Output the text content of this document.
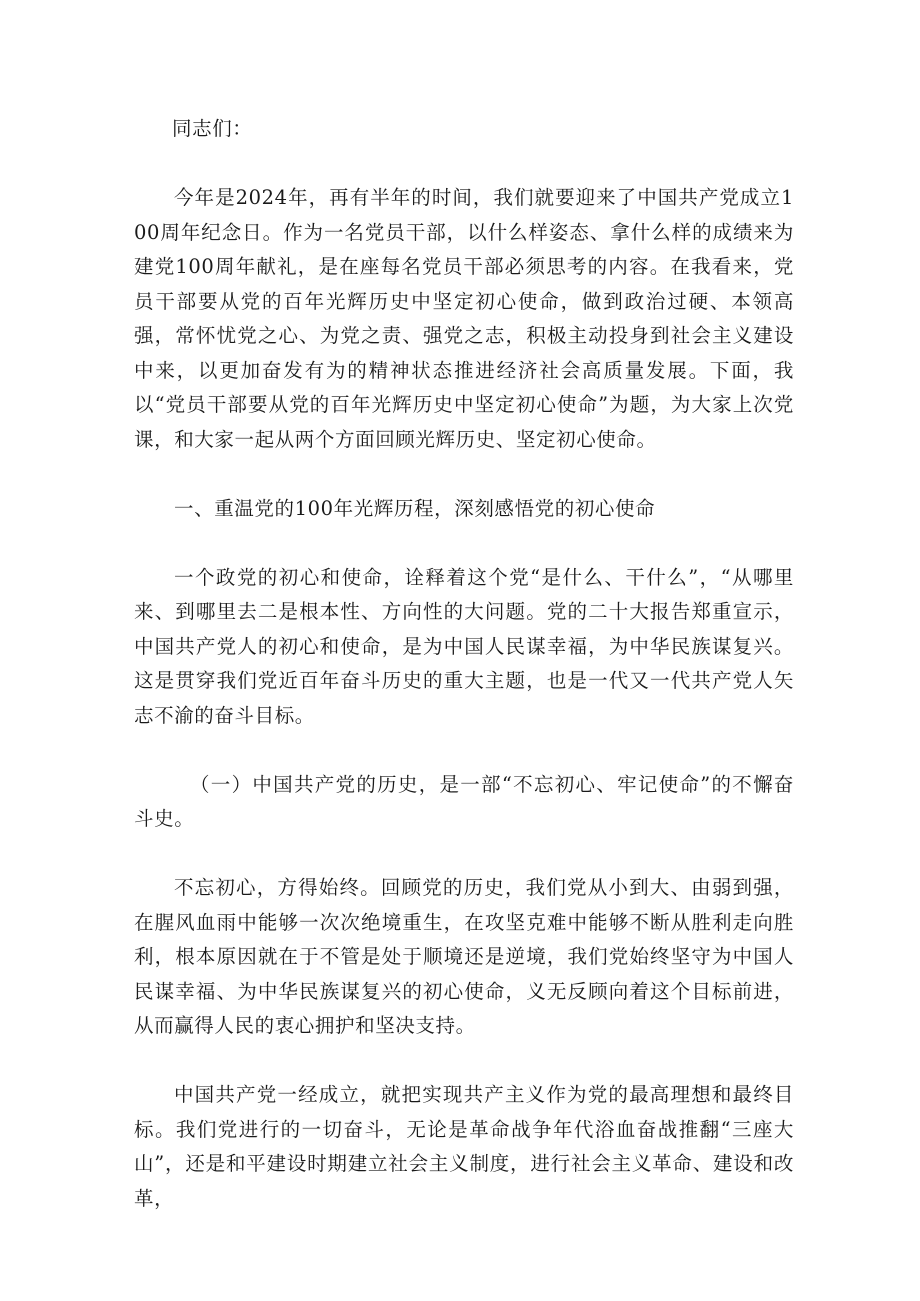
同志们：

今年是2024年，再有半年的时间，我们就要迎来了中国共产党成立100周年纪念日。作为一名党员干部，以什么样姿态、拿什么样的成绩来为建党100周年献礼，是在座每名党员干部必须思考的内容。在我看来，党员干部要从党的百年光辉历史中坚定初心使命，做到政治过硬、本领高强，常怀忧党之心、为党之责、强党之志，积极主动投身到社会主义建设中来，以更加奋发有为的精神状态推进经济社会高质量发展。下面，我以“党员干部要从党的百年光辉历史中坚定初心使命”为题，为大家上次党课，和大家一起从两个方面回顾光辉历史、坚定初心使命。

一、重温党的100年光辉历程，深刻感悟党的初心使命

一个政党的初心和使命，诠释着这个党“是什么、干什么”，“从哪里来、到哪里去二是根本性、方向性的大问题。党的二十大报告郑重宣示，中国共产党人的初心和使命，是为中国人民谋幸福，为中华民族谋复兴。这是贯穿我们党近百年奋斗历史的重大主题，也是一代又一代共产党人矢志不渝的奋斗目标。

（一）中国共产党的历史，是一部“不忘初心、牢记使命”的不懈奋斗史。

不忘初心，方得始终。回顾党的历史，我们党从小到大、由弱到强，在腥风血雨中能够一次次绝境重生，在攻坚克难中能够不断从胜利走向胜利，根本原因就在于不管是处于顺境还是逆境，我们党始终坚守为中国人民谋幸福、为中华民族谋复兴的初心使命，义无反顾向着这个目标前进，从而赢得人民的衷心拥护和坚决支持。

中国共产党一经成立，就把实现共产主义作为党的最高理想和最终目标。我们党进行的一切奋斗，无论是革命战争年代浴血奋战推翻“三座大山”，还是和平建设时期建立社会主义制度，进行社会主义革命、建设和改革，
